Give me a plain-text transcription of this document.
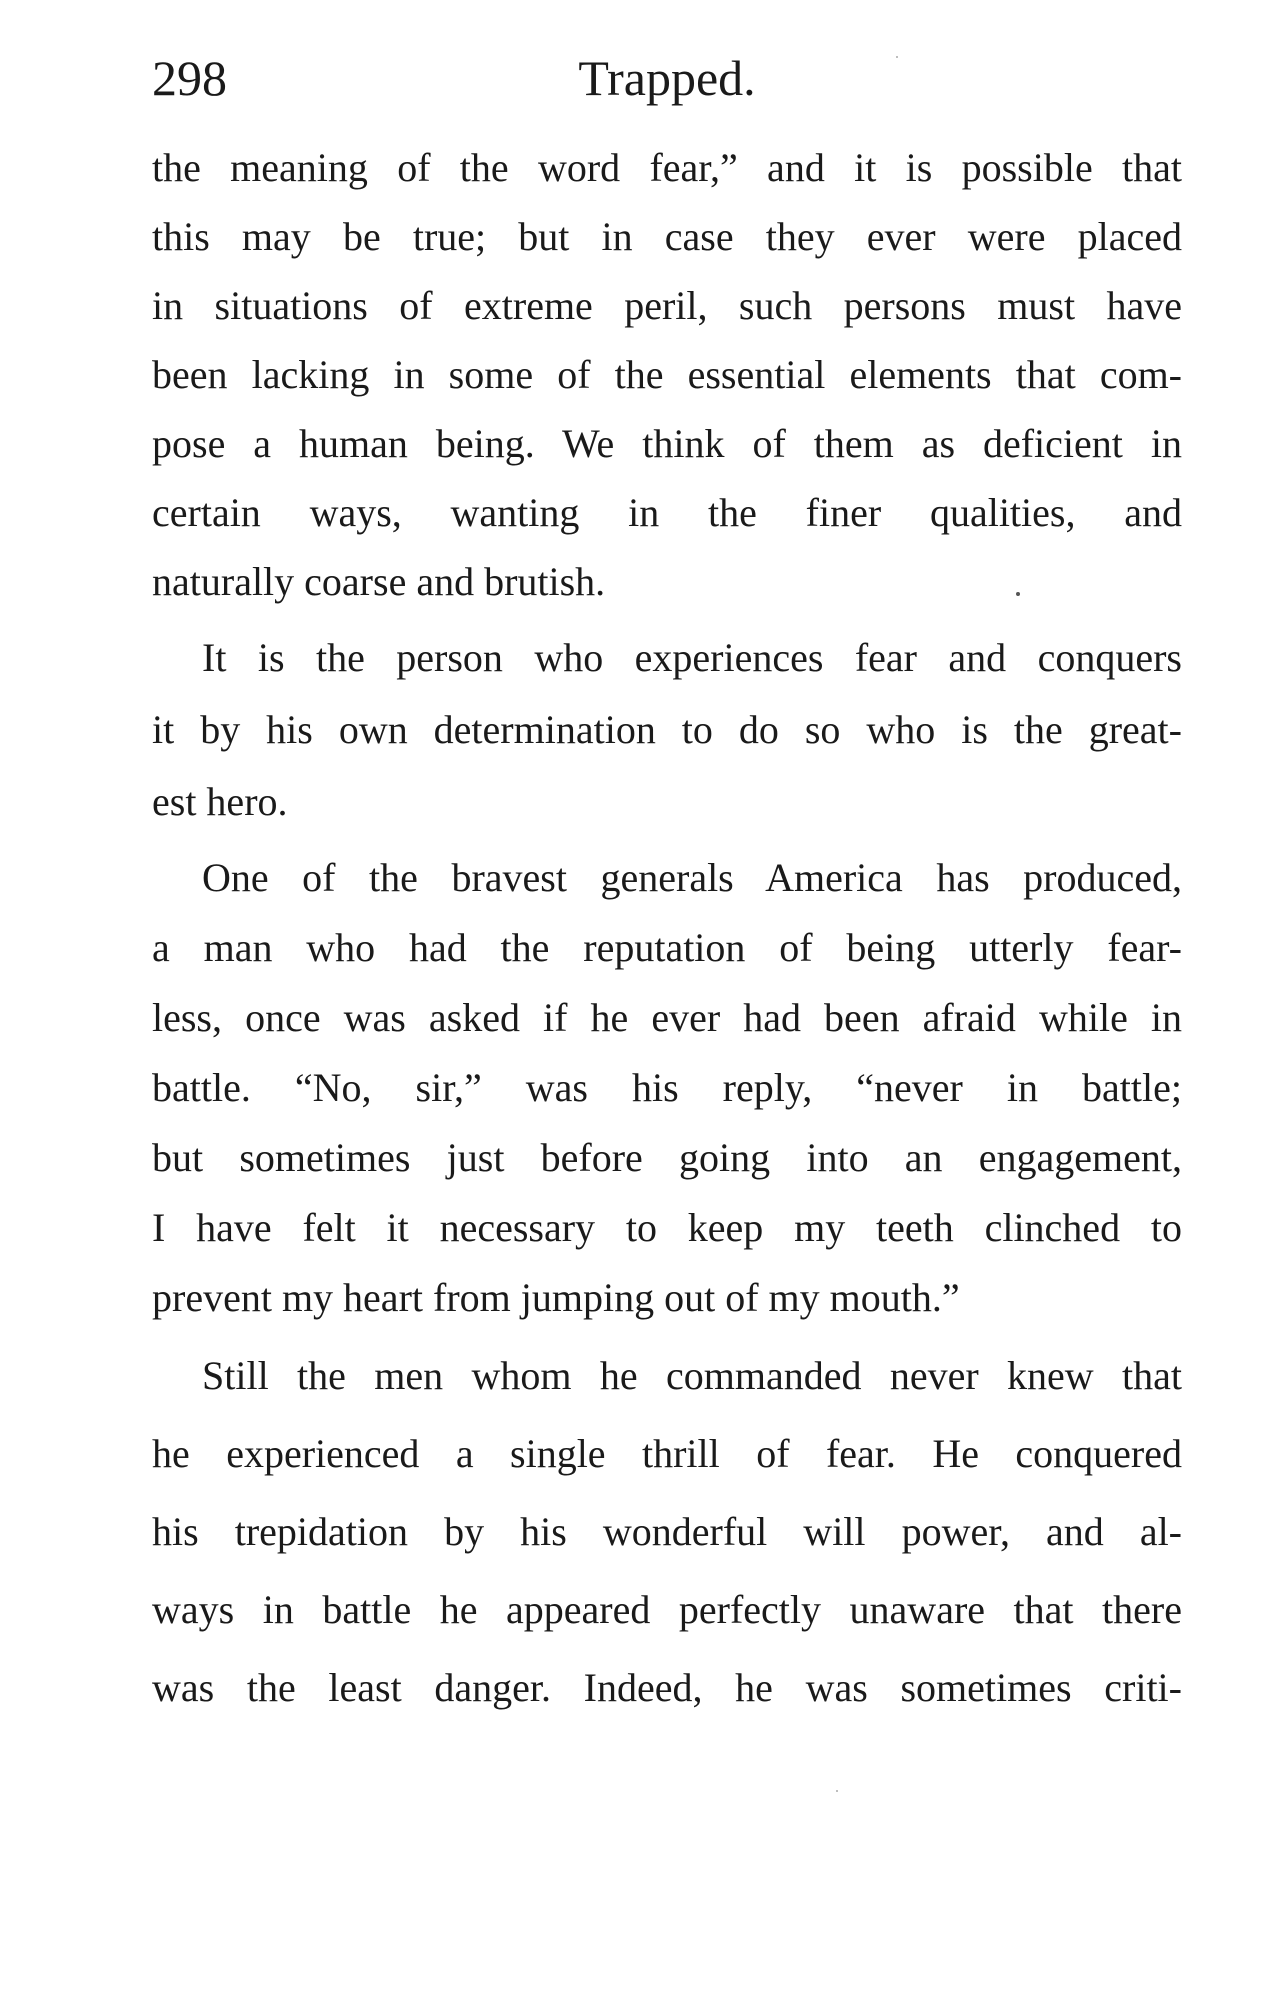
298	Trapped.
the meaning of the word fear,” and it is possible that
this may be true; but in case they ever were placed
in situations of extreme peril, such persons must have
been lacking in some of the essential elements that com-
pose a human being. We think of them as deficient in
certain ways, wanting in the finer qualities, and
naturally coarse and brutish.
It is the person who experiences fear and conquers
it by his own determination to do so who is the great-
est hero.
One of the bravest generals America has produced,
a man who had the reputation of being utterly fear-
less, once was asked if he ever had been afraid while in
battle. “No, sir,” was his reply, “never in battle;
but sometimes just before going into an engagement,
I have felt it necessary to keep my teeth clinched to
prevent my heart from jumping out of my mouth.”
Still the men whom he commanded never knew that
he experienced a single thrill of fear. He conquered
his trepidation by his wonderful will power, and al-
ways in battle he appeared perfectly unaware that there
was the least danger. Indeed, he was sometimes criti-
